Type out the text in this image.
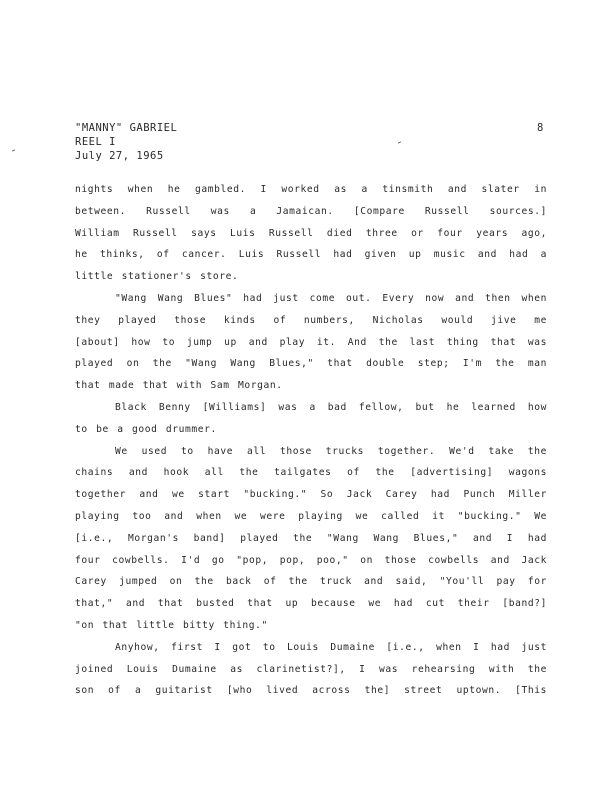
"MANNY" GABRIEL
REEL I
July 27, 1965
8
nights when he gambled. I worked as a tinsmith and slater in
between. Russell was a Jamaican. [Compare Russell sources.]
William Russell says Luis Russell died three or four years ago,
he thinks, of cancer. Luis Russell had given up music and had a
little stationer's store.
"Wang Wang Blues" had just come out. Every now and then when
they played those kinds of numbers, Nicholas would jive me
[about] how to jump up and play it. And the last thing that was
played on the "Wang Wang Blues," that double step; I'm the man
that made that with Sam Morgan.
Black Benny [Williams] was a bad fellow, but he learned how
to be a good drummer.
We used to have all those trucks together. We'd take the
chains and hook all the tailgates of the [advertising] wagons
together and we start "bucking." So Jack Carey had Punch Miller
playing too and when we were playing we called it "bucking." We
[i.e., Morgan's band] played the "Wang Wang Blues," and I had
four cowbells. I'd go "pop, pop, poo," on those cowbells and Jack
Carey jumped on the back of the truck and said, "You'll pay for
that," and that busted that up because we had cut their [band?]
"on that little bitty thing."
Anyhow, first I got to Louis Dumaine [i.e., when I had just
joined Louis Dumaine as clarinetist?], I was rehearsing with the
son of a guitarist [who lived across the] street uptown. [This
